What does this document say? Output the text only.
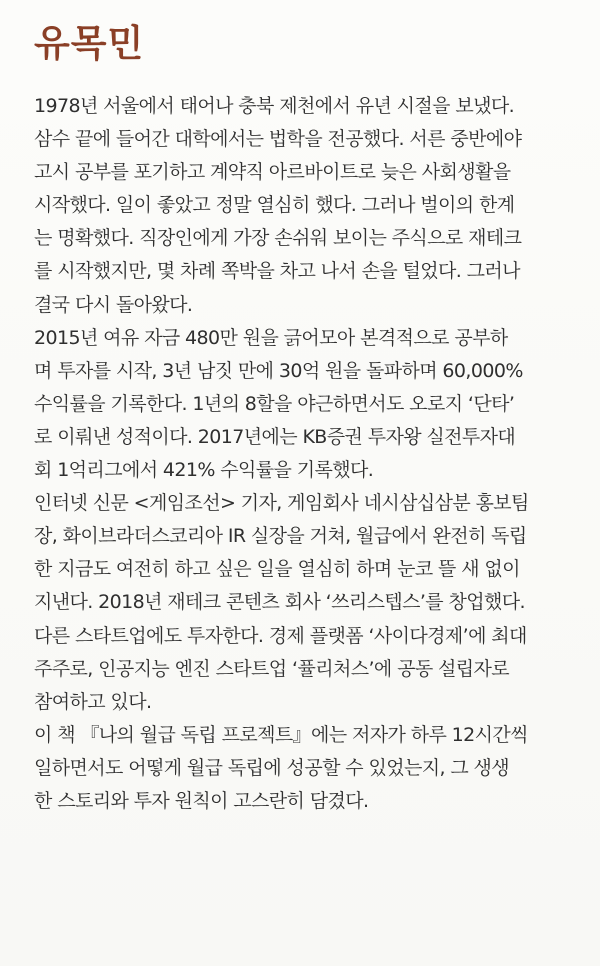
유목민
1978년 서울에서 태어나 충북 제천에서 유년 시절을 보냈다.
삼수 끝에 들어간 대학에서는 법학을 전공했다. 서른 중반에야
고시 공부를 포기하고 계약직 아르바이트로 늦은 사회생활을
시작했다. 일이 좋았고 정말 열심히 했다. 그러나 벌이의 한계
는 명확했다. 직장인에게 가장 손쉬워 보이는 주식으로 재테크
를 시작했지만, 몇 차례 쪽박을 차고 나서 손을 털었다. 그러나
결국 다시 돌아왔다.
2015년 여유 자금 480만 원을 긁어모아 본격적으로 공부하
며 투자를 시작, 3년 남짓 만에 30억 원을 돌파하며 60,000%
수익률을 기록한다. 1년의 8할을 야근하면서도 오로지 ‘단타’
로 이뤄낸 성적이다. 2017년에는 KB증권 투자왕 실전투자대
회 1억리그에서 421% 수익률을 기록했다.
인터넷 신문 <게임조선> 기자, 게임회사 네시삼십삼분 홍보팀
장, 화이브라더스코리아 IR 실장을 거쳐, 월급에서 완전히 독립
한 지금도 여전히 하고 싶은 일을 열심히 하며 눈코 뜰 새 없이
지낸다. 2018년 재테크 콘텐츠 회사 ‘쓰리스텝스’를 창업했다.
다른 스타트업에도 투자한다. 경제 플랫폼 ‘사이다경제’에 최대
주주로, 인공지능 엔진 스타트업 ‘퓰리처스’에 공동 설립자로
참여하고 있다.
이 책 『나의 월급 독립 프로젝트』에는 저자가 하루 12시간씩
일하면서도 어떻게 월급 독립에 성공할 수 있었는지, 그 생생
한 스토리와 투자 원칙이 고스란히 담겼다.
